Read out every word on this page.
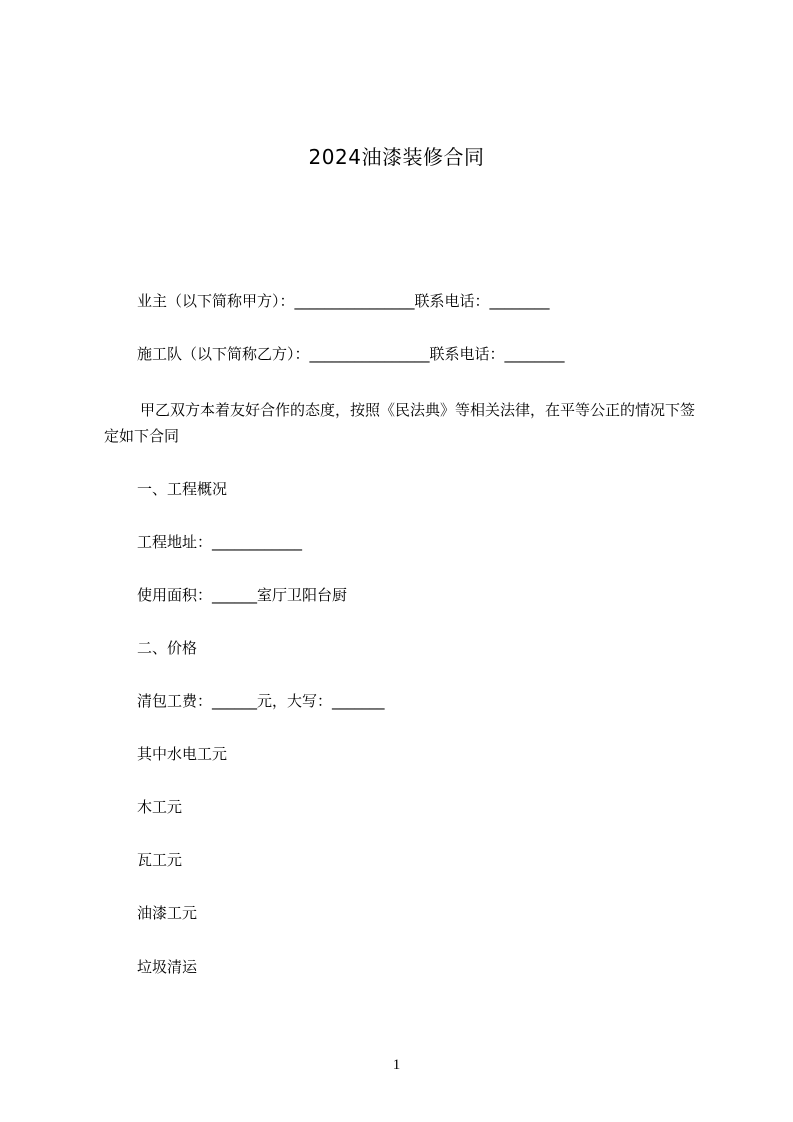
2024油漆装修合同
业主（以下简称甲方）：________________联系电话：________
施工队（以下简称乙方）：________________联系电话：________
甲乙双方本着友好合作的态度，按照《民法典》等相关法律，在平等公正的情况下签定如下合同
一、工程概况
工程地址：____________
使用面积：______室厅卫阳台厨
二、价格
清包工费：______元，大写：_______
其中水电工元
木工元
瓦工元
油漆工元
垃圾清运
1
